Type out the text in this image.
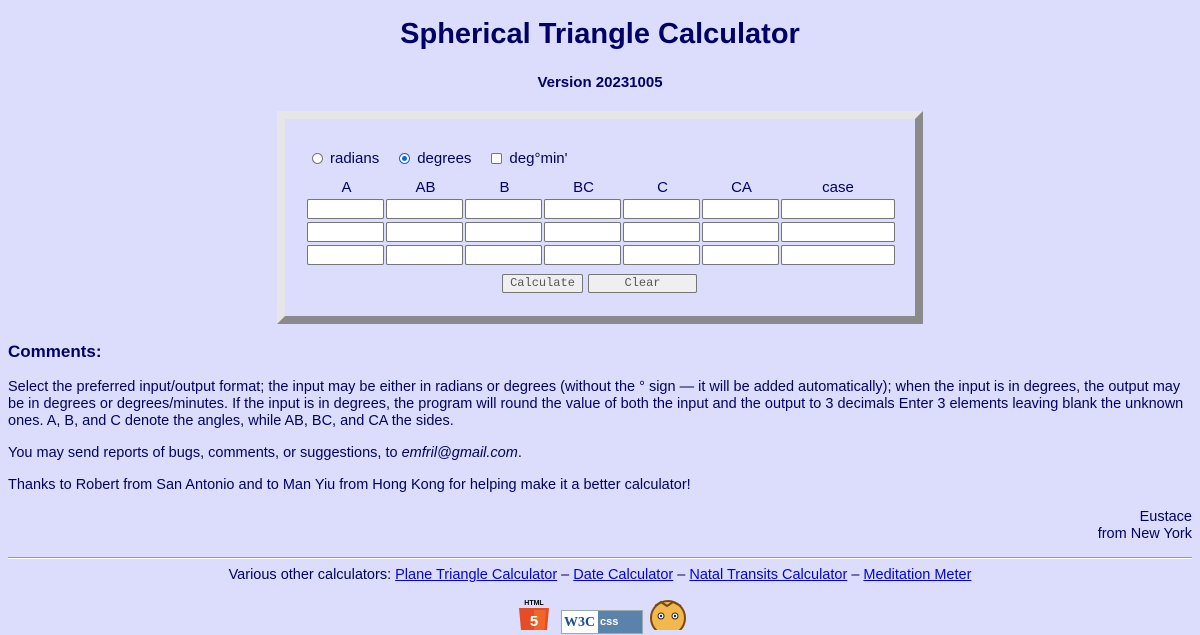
Spherical Triangle Calculator
Version 20231005
radians	degrees	deg°min'
A	AB	B	BC	C	CA	case
Calculate	Clear
Comments:
Select the preferred input/output format; the input may be either in radians or degrees (without the ° sign — it will be added automatically); when the input is in degrees, the output may be in degrees or degrees/minutes. If the input is in degrees, the program will round the value of both the input and the output to 3 decimals Enter 3 elements leaving blank the unknown ones. A, B, and C denote the angles, while AB, BC, and CA the sides.
You may send reports of bugs, comments, or suggestions, to emfril@gmail.com.
Thanks to Robert from San Antonio and to Man Yiu from Hong Kong for helping make it a better calculator!
Eustace
from New York
Various other calculators: Plane Triangle Calculator – Date Calculator – Natal Transits Calculator – Meditation Meter
HTML
5 W3C css
